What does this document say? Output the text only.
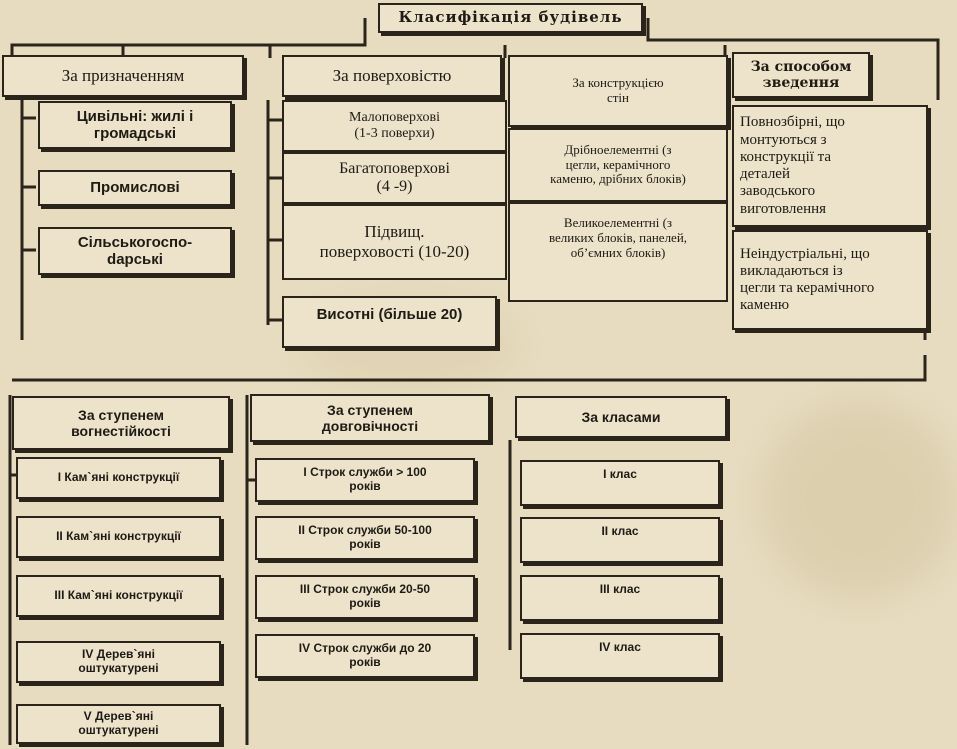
Класифікація будівель
За призначенням
Цивільні: жилі і
громадські
Промислові
Сільськогоспо-
dарські
За поверховістю
Малоповерхові
(1-3 поверхи)
Багатоповерхові
(4 -9)
Підвищ.
поверховості (10-20)
Висотні (більше 20)
За конструкцією
стін
Дрібноелементні (з
цегли, керамічного
каменю, дрібних блоків)
Великоелементні (з
великих блоків, панелей,
об’ємних блоків)
За способом
зведення
Повнозбірні, що
монтуються з
конструкції та
деталей
заводського
виготовлення
Неіндустріальні, що
викладаються із
цегли та керамічного
каменю
За ступенем
вогнестійкості
I Кам`яні конструкції
II Кам`яні конструкції
III Кам`яні конструкції
IV Дерев`яні
оштукатурені
V Дерев`яні
оштукатурені
За ступенем
довговічності
I Строк служби > 100
років
II Строк служби 50-100
років
III Строк служби 20-50
років
IV Строк служби до 20
років
За класами
I клас
II клас
III клас
IV клас
